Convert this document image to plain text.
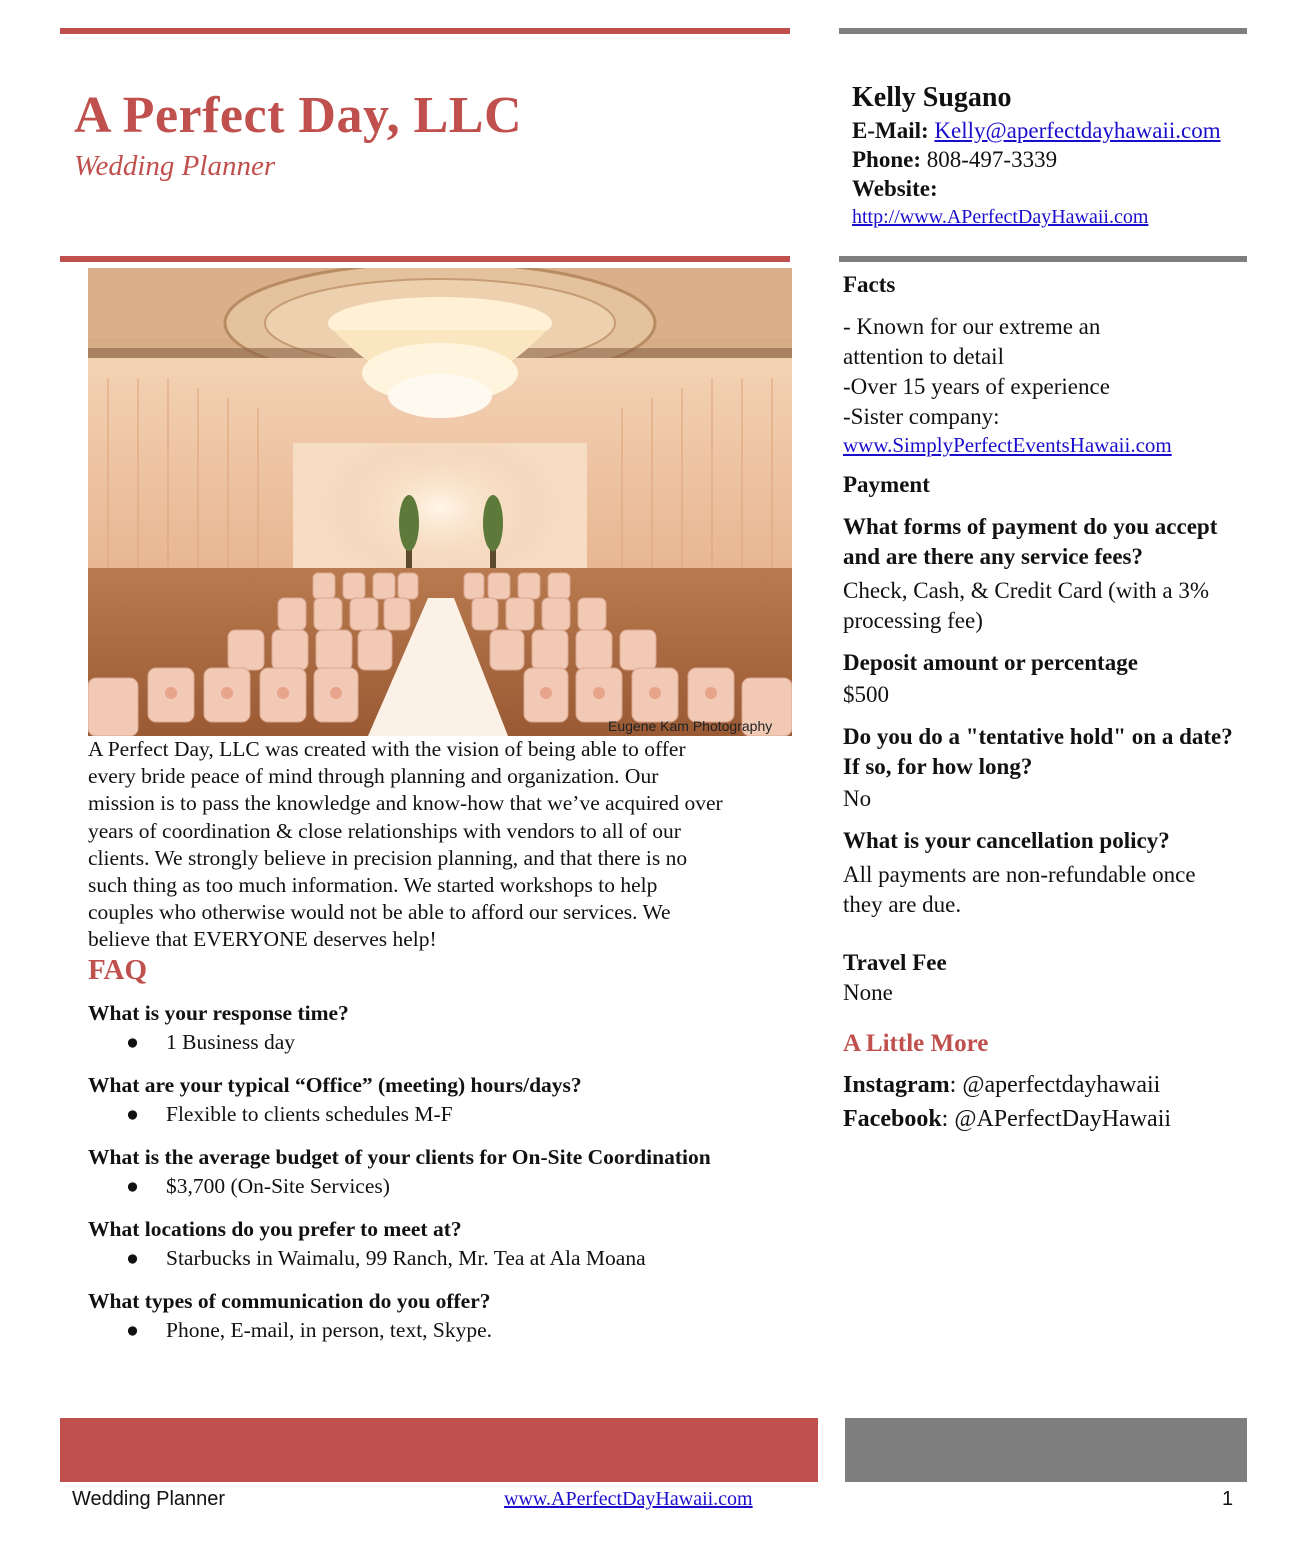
A Perfect Day, LLC
Wedding Planner
Kelly Sugano
E-Mail: Kelly@aperfectdayhawaii.com
Phone: 808-497-3339
Website:
http://www.APerfectDayHawaii.com
Eugene Kam Photography
A Perfect Day, LLC was created with the vision of being able to offer
every bride peace of mind through planning and organization. Our
mission is to pass the knowledge and know-how that we’ve acquired over
years of coordination & close relationships with vendors to all of our
clients. We strongly believe in precision planning, and that there is no
such thing as too much information. We started workshops to help
couples who otherwise would not be able to afford our services. We
believe that EVERYONE deserves help!
FAQ
What is your response time?
●	1 Business day
What are your typical “Office” (meeting) hours/days?
●	Flexible to clients schedules M-F
What is the average budget of your clients for On-Site Coordination
●	$3,700 (On-Site Services)
What locations do you prefer to meet at?
●	Starbucks in Waimalu, 99 Ranch, Mr. Tea at Ala Moana
What types of communication do you offer?
●	Phone, E-mail, in person, text, Skype.
Facts
- Known for our extreme an
attention to detail
-Over 15 years of experience
-Sister company:
www.SimplyPerfectEventsHawaii.com
Payment
What forms of payment do you accept and are there any service fees?
Check, Cash, & Credit Card (with a 3% processing fee)
Deposit amount or percentage
$500
Do you do a "tentative hold" on a date? If so, for how long?
No
What is your cancellation policy?
All payments are non-refundable once they are due.
Travel Fee
None
A Little More
Instagram: @aperfectdayhawaii
Facebook: @APerfectDayHawaii
Wedding Planner	www.APerfectDayHawaii.com	1
